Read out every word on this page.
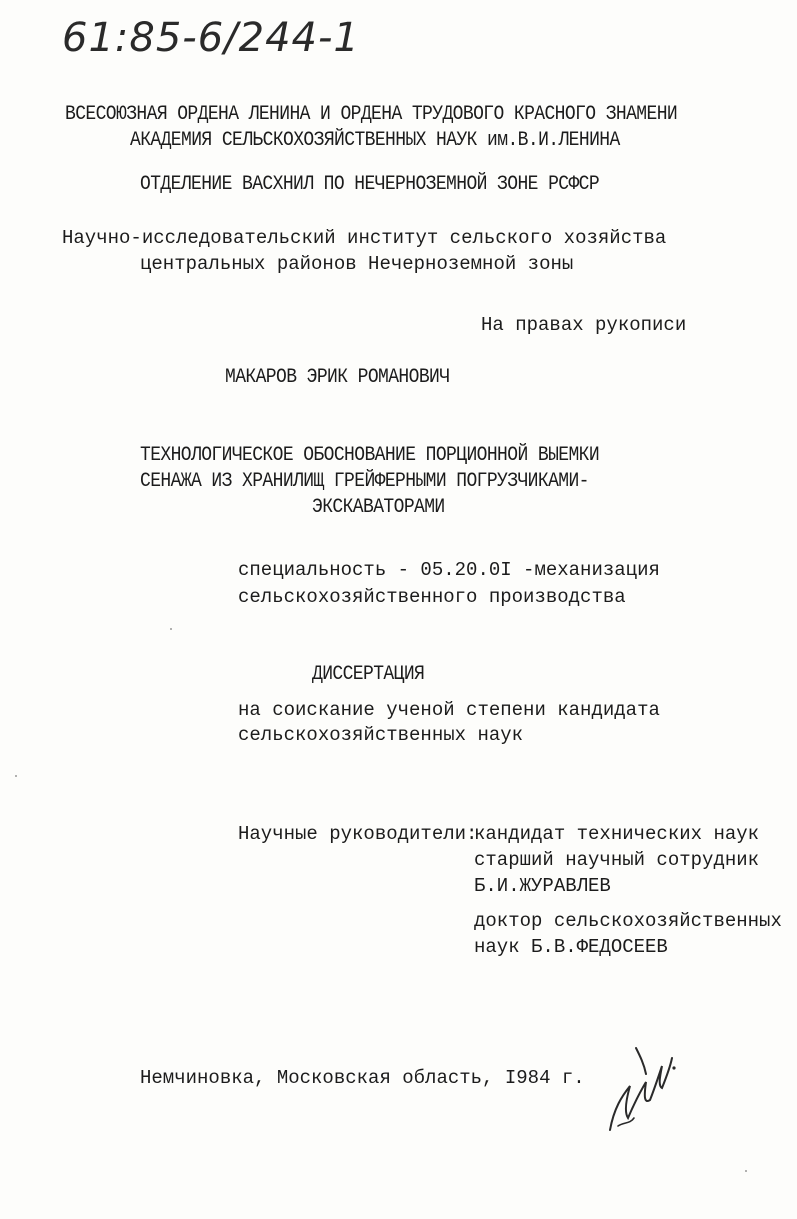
61:85-6/244-1
ВСЕСОЮЗНАЯ ОРДЕНА ЛЕНИНА И ОРДЕНА ТРУДОВОГО КРАСНОГО ЗНАМЕНИ
АКАДЕМИЯ СЕЛЬСКОХОЗЯЙСТВЕННЫХ НАУК им.В.И.ЛЕНИНА
ОТДЕЛЕНИЕ ВАСХНИЛ ПО НЕЧЕРНОЗЕМНОЙ ЗОНЕ РСФСР
Научно-исследовательский институт сельского хозяйства
центральных районов Нечерноземной зоны
На правах рукописи
МАКАРОВ ЭРИК РОМАНОВИЧ
ТЕХНОЛОГИЧЕСКОЕ ОБОСНОВАНИЕ ПОРЦИОННОЙ ВЫЕМКИ
СЕНАЖА ИЗ ХРАНИЛИЩ ГРЕЙФЕРНЫМИ ПОГРУЗЧИКАМИ-
ЭКСКАВАТОРАМИ
специальность - 05.20.0I -механизация
сельскохозяйственного производства
ДИССЕРТАЦИЯ
на соискание ученой степени кандидата
сельскохозяйственных наук
Научные руководители:
кандидат технических наук
старший научный сотрудник
Б.И.ЖУРАВЛЕВ
доктор сельскохозяйственных
наук Б.В.ФЕДОСЕЕВ
Немчиновка, Московская область, I984 г.
